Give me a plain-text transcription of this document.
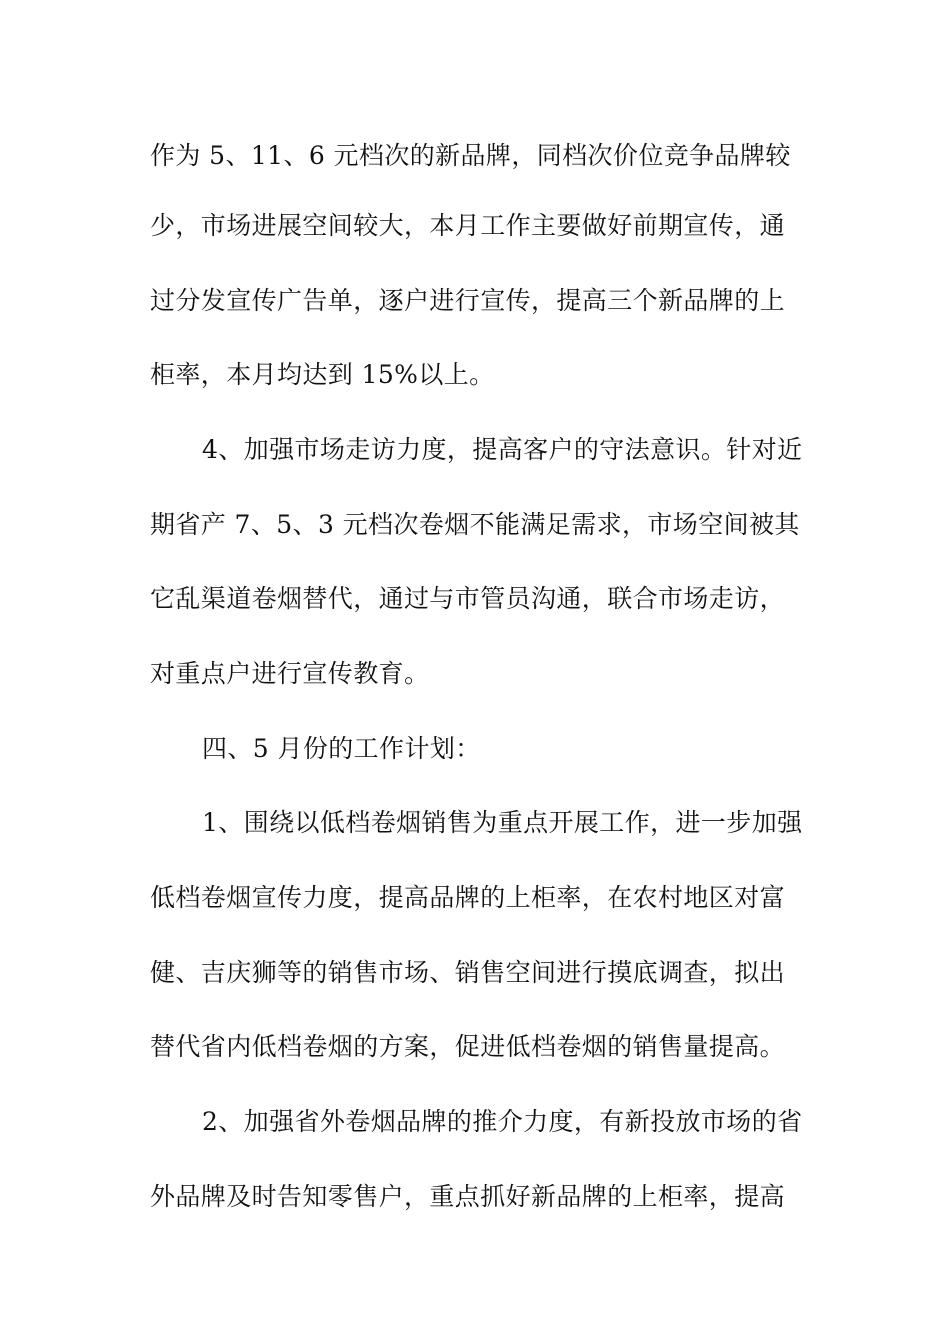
作为 5、11、6 元档次的新品牌，同档次价位竞争品牌较
少，市场进展空间较大，本月工作主要做好前期宣传，通
过分发宣传广告单，逐户进行宣传，提高三个新品牌的上
柜率，本月均达到 15%以上。
4、加强市场走访力度，提高客户的守法意识。针对近
期省产 7、5、3 元档次卷烟不能满足需求，市场空间被其
它乱渠道卷烟替代，通过与市管员沟通，联合市场走访，
对重点户进行宣传教育。
四、5 月份的工作计划：
1、围绕以低档卷烟销售为重点开展工作，进一步加强
低档卷烟宣传力度，提高品牌的上柜率，在农村地区对富
健、吉庆狮等的销售市场、销售空间进行摸底调查，拟出
替代省内低档卷烟的方案，促进低档卷烟的销售量提高。
2、加强省外卷烟品牌的推介力度，有新投放市场的省
外品牌及时告知零售户，重点抓好新品牌的上柜率，提高
